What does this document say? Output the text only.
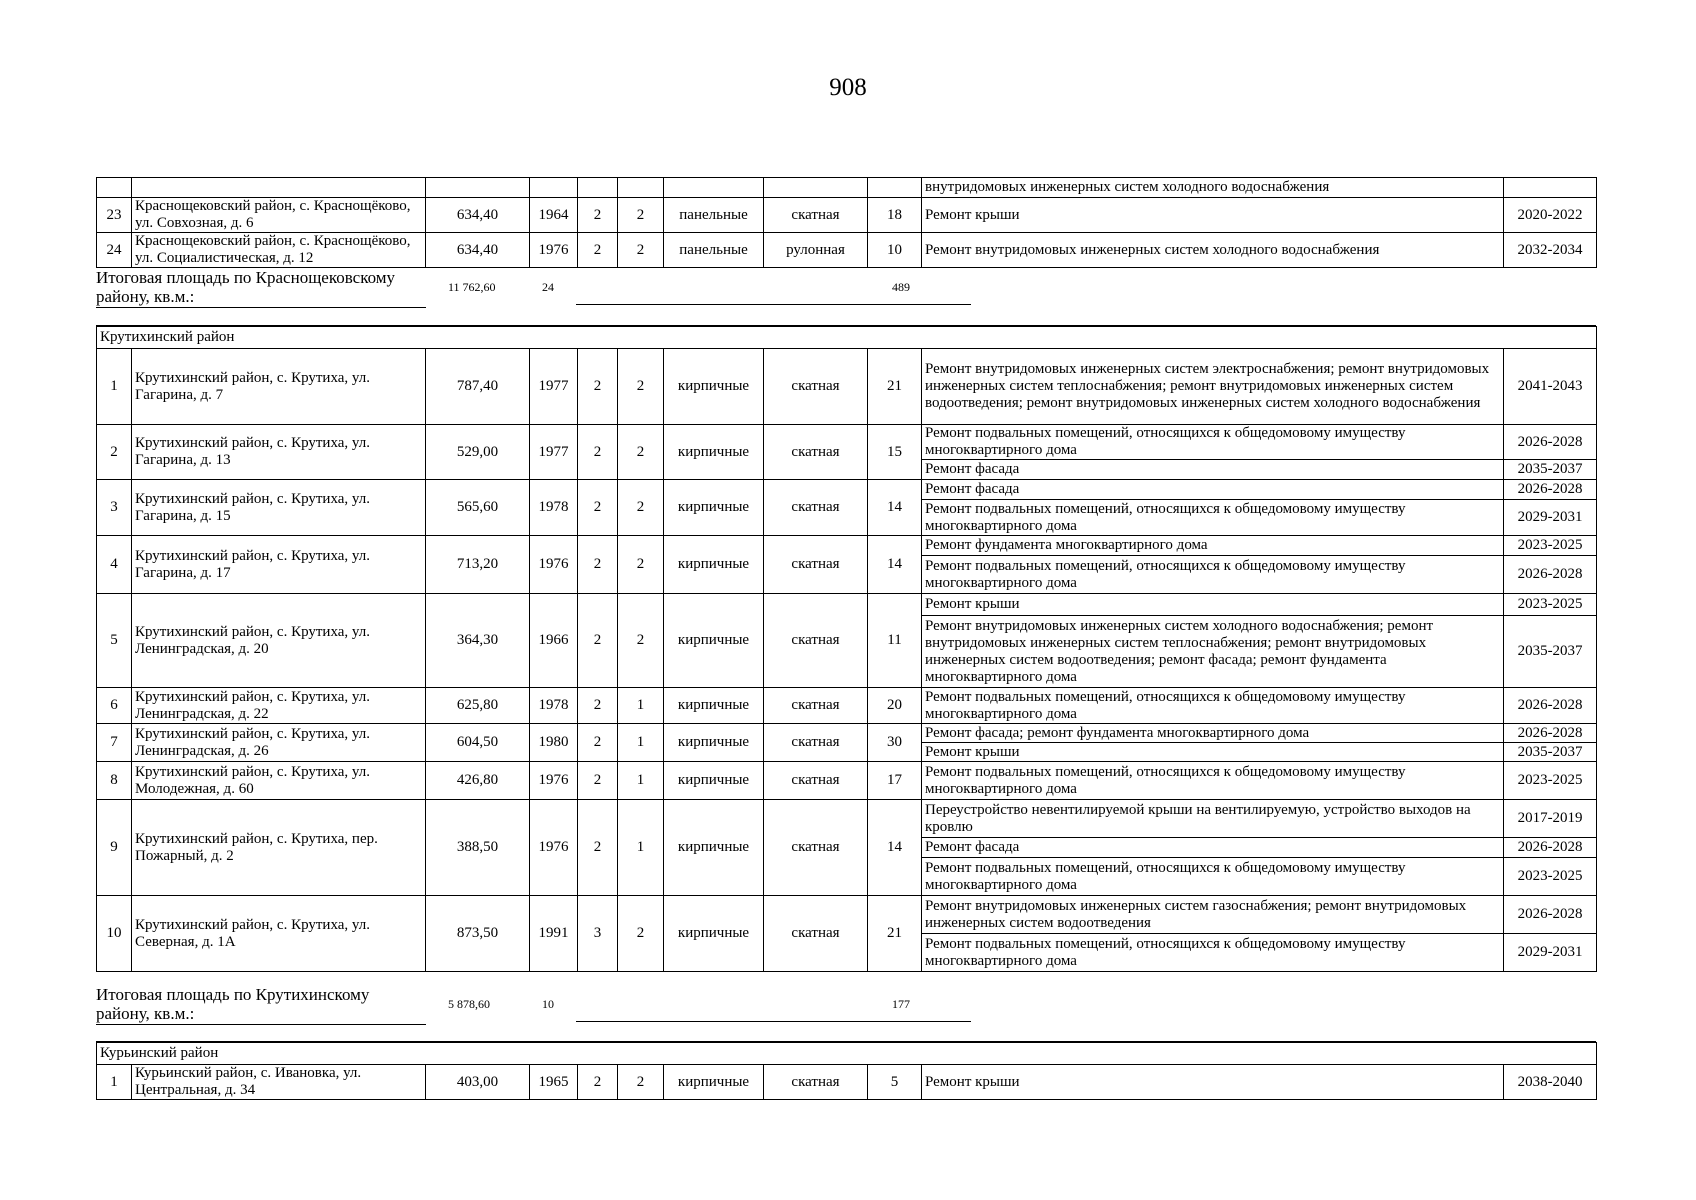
908
									внутридомовых инженерных систем холодного водоснабжения	
23	Краснощековский район, с. Краснощёково, ул. Совхозная, д. 6	634,40	1964	2	2	панельные	скатная	18	Ремонт крыши	2020-2022
24	Краснощековский район, с. Краснощёково, ул. Социалистическая, д. 12	634,40	1976	2	2	панельные	рулонная	10	Ремонт внутридомовых инженерных систем холодного водоснабжения	2032-2034
Итоговая площадь по Краснощековскому району, кв.м.:	11 762,60	24	489
Крутихинский район										
1	Крутихинский район, с. Крутиха, ул. Гагарина, д. 7	787,40	1977	2	2	кирпичные	скатная	21	Ремонт внутридомовых инженерных систем электроснабжения; ремонт внутридомовых инженерных систем теплоснабжения; ремонт внутридомовых инженерных систем водоотведения; ремонт внутридомовых инженерных систем холодного водоснабжения	2041-2043
2	Крутихинский район, с. Крутиха, ул. Гагарина, д. 13	529,00	1977	2	2	кирпичные	скатная	15	Ремонт подвальных помещений, относящихся к общедомовому имуществу многоквартирного дома	2026-2028
									Ремонт фасада	2035-2037
3	Крутихинский район, с. Крутиха, ул. Гагарина, д. 15	565,60	1978	2	2	кирпичные	скатная	14	Ремонт фасада	2026-2028
									Ремонт подвальных помещений, относящихся к общедомовому имуществу многоквартирного дома	2029-2031
4	Крутихинский район, с. Крутиха, ул. Гагарина, д. 17	713,20	1976	2	2	кирпичные	скатная	14	Ремонт фундамента многоквартирного дома	2023-2025
									Ремонт подвальных помещений, относящихся к общедомовому имуществу многоквартирного дома	2026-2028
5	Крутихинский район, с. Крутиха, ул. Ленинградская, д. 20	364,30	1966	2	2	кирпичные	скатная	11	Ремонт крыши	2023-2025
									Ремонт внутридомовых инженерных систем холодного водоснабжения; ремонт внутридомовых инженерных систем теплоснабжения; ремонт внутридомовых инженерных систем водоотведения; ремонт фасада; ремонт фундамента многоквартирного дома	2035-2037
6	Крутихинский район, с. Крутиха, ул. Ленинградская, д. 22	625,80	1978	2	1	кирпичные	скатная	20	Ремонт подвальных помещений, относящихся к общедомовому имуществу многоквартирного дома	2026-2028
7	Крутихинский район, с. Крутиха, ул. Ленинградская, д. 26	604,50	1980	2	1	кирпичные	скатная	30	Ремонт фасада; ремонт фундамента многоквартирного дома	2026-2028
									Ремонт крыши	2035-2037
8	Крутихинский район, с. Крутиха, ул. Молодежная, д. 60	426,80	1976	2	1	кирпичные	скатная	17	Ремонт подвальных помещений, относящихся к общедомовому имуществу многоквартирного дома	2023-2025
9	Крутихинский район, с. Крутиха, пер. Пожарный, д. 2	388,50	1976	2	1	кирпичные	скатная	14	Переустройство невентилируемой крыши на вентилируемую, устройство выходов на кровлю	2017-2019
									Ремонт фасада	2026-2028
									Ремонт подвальных помещений, относящихся к общедомовому имуществу многоквартирного дома	2023-2025
10	Крутихинский район, с. Крутиха, ул. Северная, д. 1А	873,50	1991	3	2	кирпичные	скатная	21	Ремонт внутридомовых инженерных систем газоснабжения; ремонт внутридомовых инженерных систем водоотведения	2026-2028
									Ремонт подвальных помещений, относящихся к общедомовому имуществу многоквартирного дома	2029-2031
Итоговая площадь по Крутихинскому району, кв.м.:	5 878,60	10	177
Курьинский район
1	Курьинский район, с. Ивановка, ул. Центральная, д. 34	403,00	1965	2	2	кирпичные	скатная	5	Ремонт крыши	2038-2040
